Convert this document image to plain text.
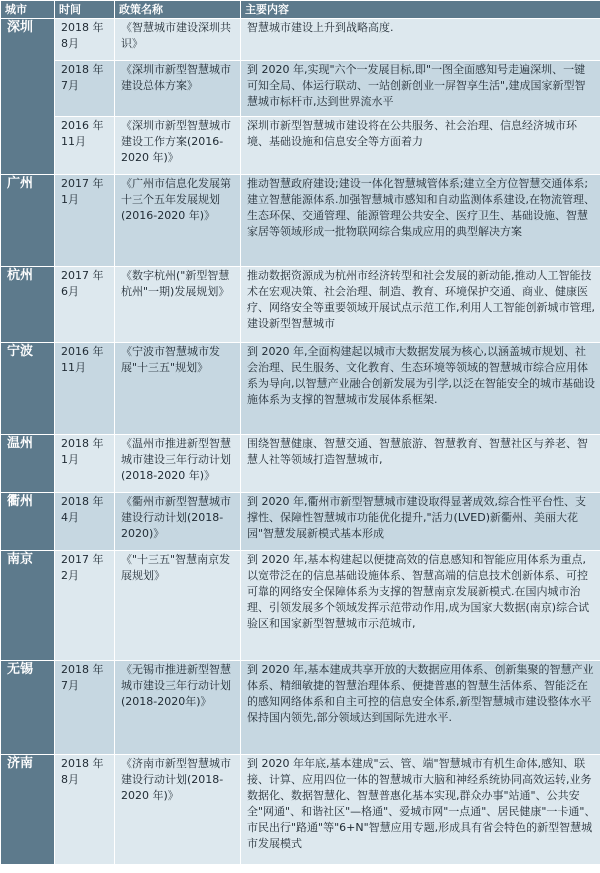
城市	时间	政策名称	主要内容
深圳	2018 年 8月	《智慧城市建设深圳共识》	智慧城市建设上升到战略高度.
	2018 年 7月	《深圳市新型智慧城市建设总体方案》	到 2020 年,实现"六个一发展目标,即"一图全面感知号走遍深圳、一键可知全局、体运行联动、一站创新创业一屏智享生活",建成国家新型智慧城市标杆市,达到世界流水平
	2016 年 11月	《深圳市新型智慧城市建设工作方案(2016-2020 年)》	深圳市新型智慧城市建设将在公共服务、社会治理、信息经济城市环境、基础设施和信息安全等方面着力
广州	2017 年 1月	《广州市信息化发展第十三个五年发展规划(2016-2020 年)》	推动智慧政府建设;建设一体化智慧城管体系;建立全方位智慧交通体系;建立智慧能源体系.加强智慧城市感知和自动监测体系建设,在物流管理、生态环保、交通管理、能源管理公共安全、医疗卫生、基础设施、智慧家居等领域形成一批物联网综合集成应用的典型解决方案
杭州	2017 年 6月	《数字杭州("新型智慧杭州"一期)发展规划》	推动数据资源成为杭州市经济转型和社会发展的新动能,推动人工智能技术在宏观决策、社会治理、制造、教育、环境保护交通、商业、健康医疗、网络安全等重要领域开展试点示范工作,利用人工智能创新城市管理,建设新型智慧城市
宁波	2016 年 11月	《宁波市智慧城市发展"十三五"规划》	到 2020 年,全面构建起以城市大数据发展为核心,以涵盖城市规划、社会治理、民生服务、文化教育、生态环境等领域的智慧城市综合应用体系为导向,以智慧产业融合创新发展为引学,以泛在智能安全的城市基础设施体系为支撑的智慧城市发展体系框架.
温州	2018 年 1月	《温州市推进新型智慧城市建设三年行动计划(2018-2020 年)》	围绕智慧健康、智慧交通、智慧旅游、智慧教育、智慧社区与养老、智慧人社等领域打造智慧城市,
衢州	2018 年 4月	《衢州市新型智慧城市建设行动计划(2018-2020)》	到 2020 年,衢州市新型智慧城市建设取得显著成效,综合性平台性、支撑性、保障性智慧城市功能优化提升,"活力(LVED)新衢州、美丽大花园"智慧发展新模式基本形成
南京	2017 年 2月	《"十三五"智慧南京发展规划》	到 2020 年,基本构建起以便捷高效的信息感知和智能应用体系为重点,以宽带泛在的信息基础设施体系、智慧高端的信息技术创新体系、可控可靠的网络安全保障体系为支撑的智慧南京发展新模式.在国内城市治理、引领发展多个领域发挥示范带动作用,成为国家大数据(南京)综合试验区和国家新型智慧城市示范城市,
无锡	2018 年 7月	《无锡市推进新型智慧城市建设三年行动计划(2018-2020年)》	到 2020 年,基本建成共享开放的大数据应用体系、创新集聚的智慧产业体系、精细敏捷的智慧治理体系、便捷普惠的智慧生活体系、智能泛在的感知网络体系和自主可控的信息安全体系,新型智慧城市建设整体水平保持国内领先,部分领域达到国际先进水平.
济南	2018 年 8月	《济南市新型智慧城市建设行动计划(2018-2020 年)》	到 2020 年年底,基本建成"云、管、端"智慧城市有机生命体,感知、联接、计算、应用四位一体的智慧城市大脑和神经系统协同高效运转,业务数据化、数据智慧化、智慧普惠化基本实现,群众办事"站通"、公共安全"网通"、和谐社区"—格通"、爱城市网"一点通"、居民健康"一卡通"、市民出行"路通"等"6+N"智慧应用专题,形成具有省会特色的新型智慧城市发展模式
